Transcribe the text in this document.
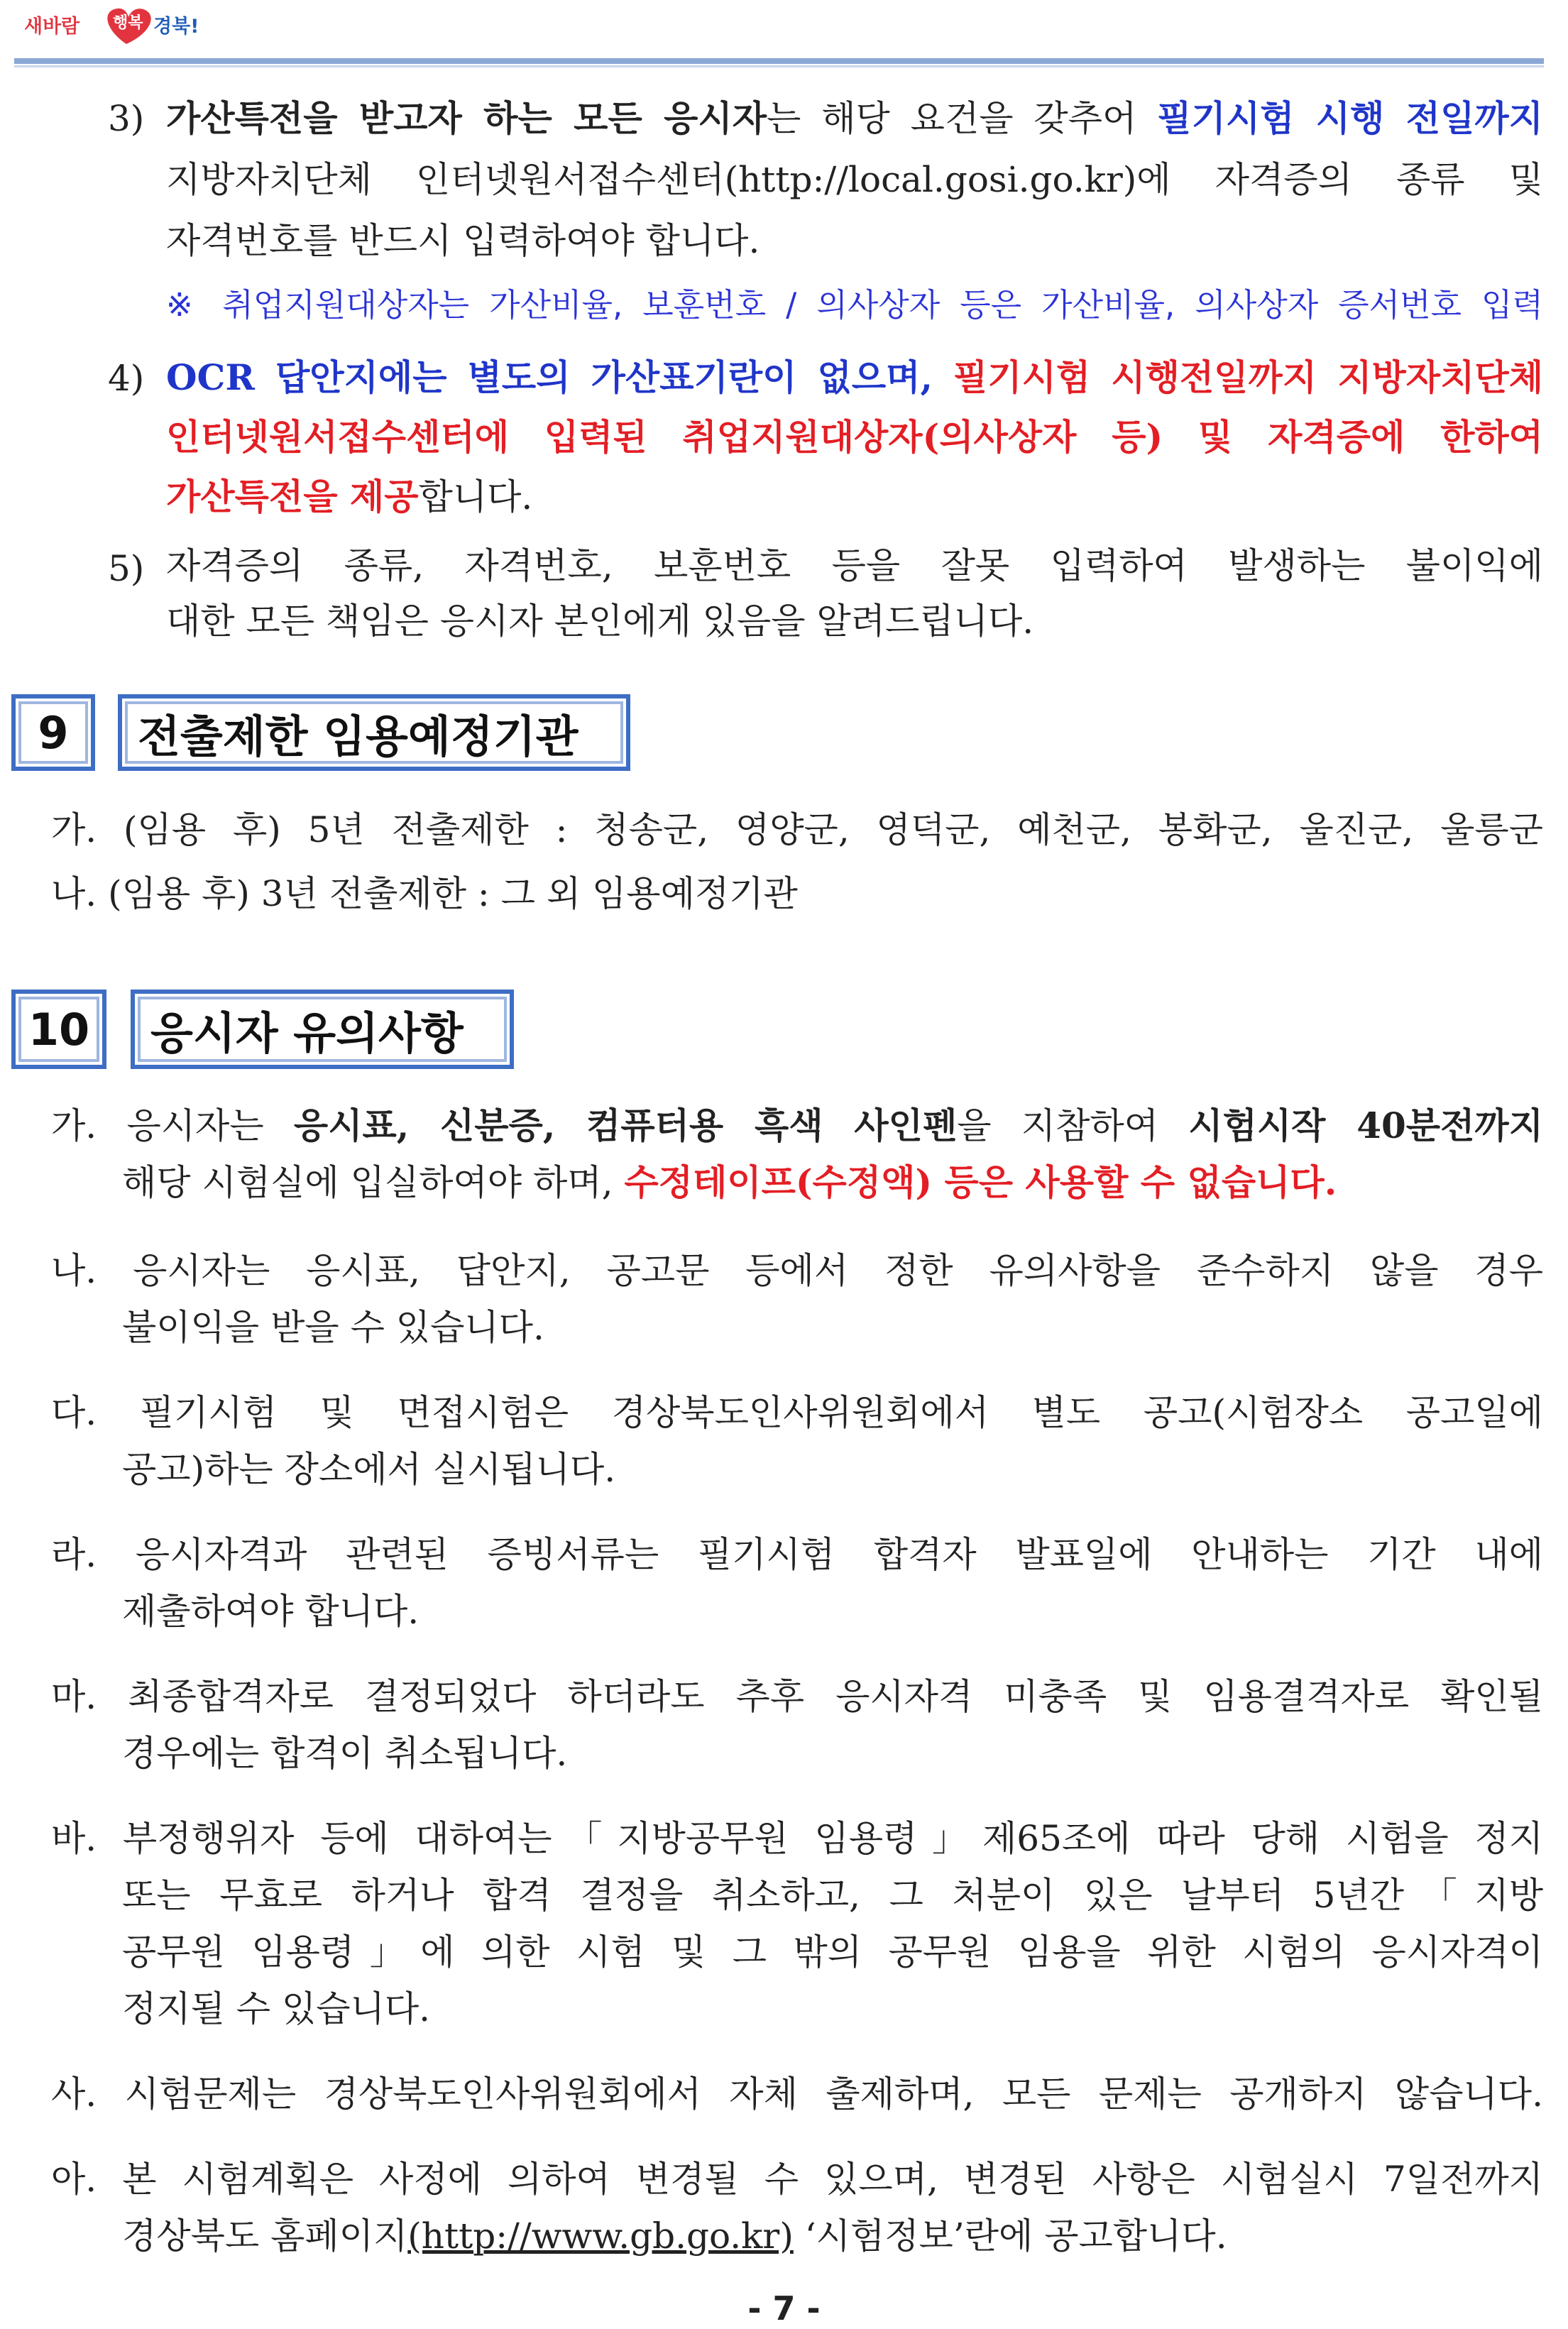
새바람 행복 경북!
3) 가산특전을 받고자 하는 모든 응시자는 해당 요건을 갖추어 필기시험 시행 전일까지
지방자치단체 인터넷원서접수센터(http://local.gosi.go.kr)에 자격증의 종류 및
자격번호를 반드시 입력하여야 합니다.
※ 취업지원대상자는 가산비율, 보훈번호 / 의사상자 등은 가산비율, 의사상자 증서번호 입력
4) OCR 답안지에는 별도의 가산표기란이 없으며, 필기시험 시행전일까지 지방자치단체
인터넷원서접수센터에 입력된 취업지원대상자(의사상자 등) 및 자격증에 한하여
가산특전을 제공합니다.
5) 자격증의 종류, 자격번호, 보훈번호 등을 잘못 입력하여 발생하는 불이익에
대한 모든 책임은 응시자 본인에게 있음을 알려드립니다.
9	전출제한 임용예정기관
가. (임용 후) 5년 전출제한 : 청송군, 영양군, 영덕군, 예천군, 봉화군, 울진군, 울릉군
나. (임용 후) 3년 전출제한 : 그 외 임용예정기관
10	응시자 유의사항
가. 응시자는 응시표, 신분증, 컴퓨터용 흑색 사인펜을 지참하여 시험시작 40분전까지
해당 시험실에 입실하여야 하며, 수정테이프(수정액) 등은 사용할 수 없습니다.
나. 응시자는 응시표, 답안지, 공고문 등에서 정한 유의사항을 준수하지 않을 경우
불이익을 받을 수 있습니다.
다. 필기시험 및 면접시험은 경상북도인사위원회에서 별도 공고(시험장소 공고일에
공고)하는 장소에서 실시됩니다.
라. 응시자격과 관련된 증빙서류는 필기시험 합격자 발표일에 안내하는 기간 내에
제출하여야 합니다.
마. 최종합격자로 결정되었다 하더라도 추후 응시자격 미충족 및 임용결격자로 확인될
경우에는 합격이 취소됩니다.
바. 부정행위자 등에 대하여는「지방공무원 임용령」제65조에 따라 당해 시험을 정지
또는 무효로 하거나 합격 결정을 취소하고, 그 처분이 있은 날부터 5년간「지방
공무원 임용령」에 의한 시험 및 그 밖의 공무원 임용을 위한 시험의 응시자격이
정지될 수 있습니다.
사. 시험문제는 경상북도인사위원회에서 자체 출제하며, 모든 문제는 공개하지 않습니다.
아. 본 시험계획은 사정에 의하여 변경될 수 있으며, 변경된 사항은 시험실시 7일전까지
경상북도 홈페이지(http://www.gb.go.kr) ‘시험정보’란에 공고합니다.
- 7 -
